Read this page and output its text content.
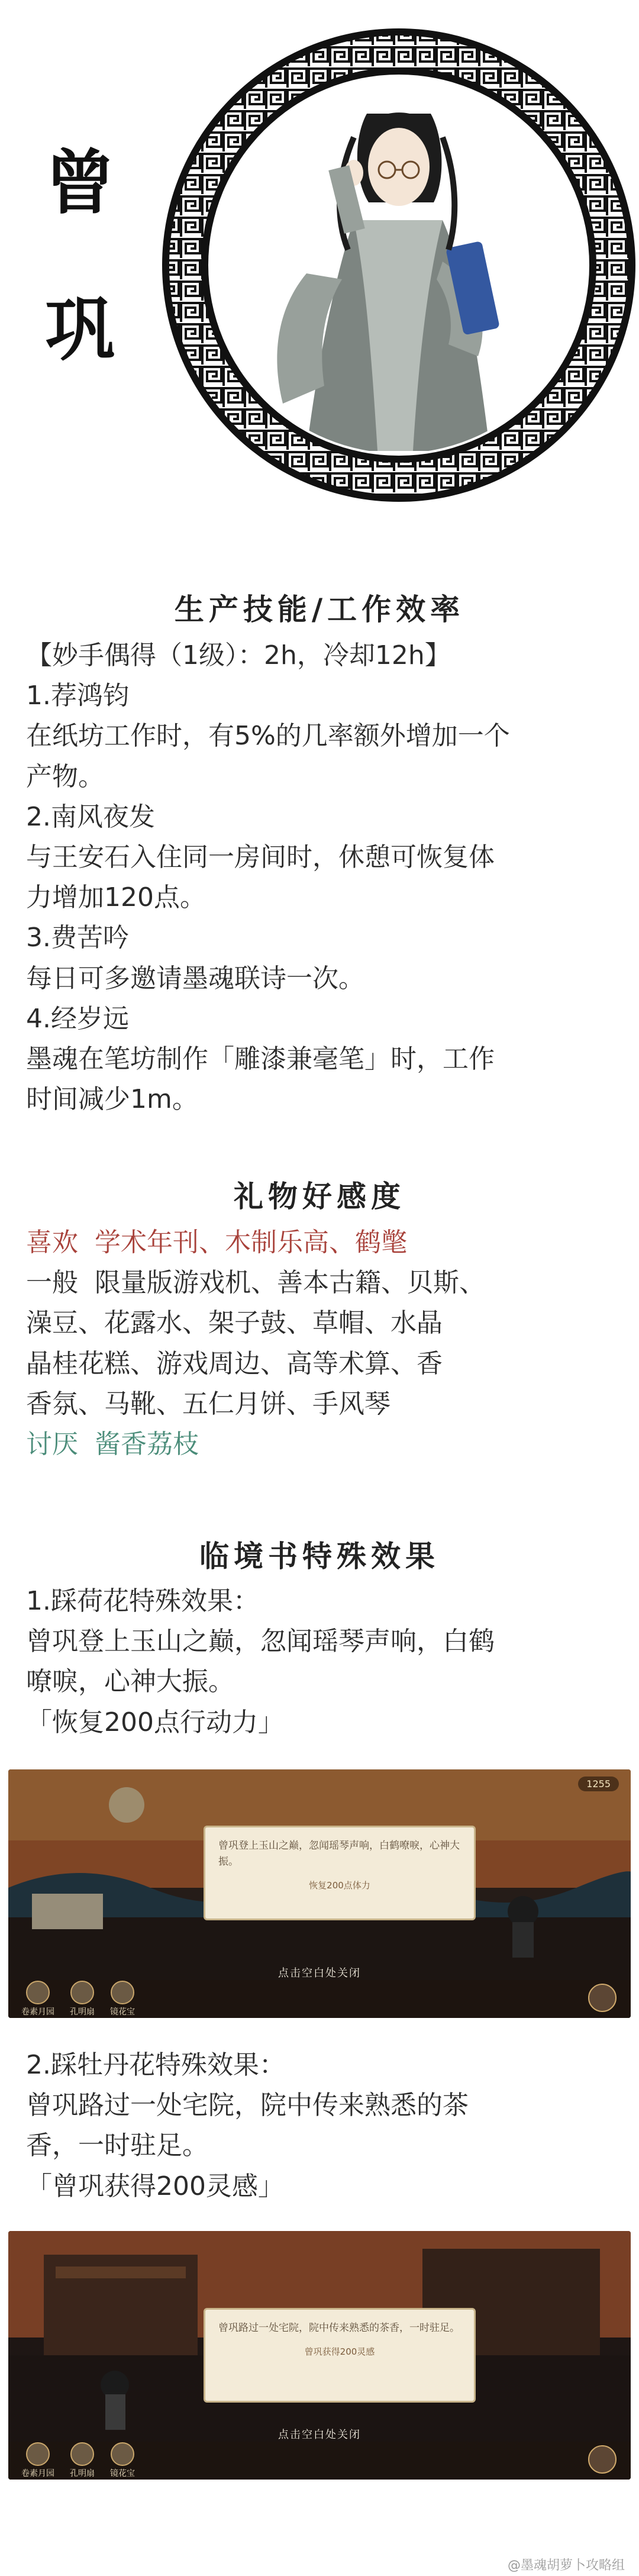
曾
巩
生产技能/工作效率
【妙手偶得（1级）：2h，冷却12h】
1.荐鸿钧
在纸坊工作时，有5%的几率额外增加一个
产物。
2.南风夜发
与王安石入住同一房间时，休憩可恢复体
力增加120点。
3.费苦吟
每日可多邀请墨魂联诗一次。
4.经岁远
墨魂在笔坊制作「雕漆兼毫笔」时，工作
时间减少1m。
礼物好感度
喜欢 学术年刊、木制乐高、鹤氅
一般 限量版游戏机、善本古籍、贝斯、
澡豆、花露水、架子鼓、草帽、水晶
晶桂花糕、游戏周边、高等术算、香
香氛、马靴、五仁月饼、手风琴
讨厌 酱香荔枝
临境书特殊效果
1.踩荷花特殊效果：
曾巩登上玉山之巅，忽闻瑶琴声响，白鹤
嘹唳，心神大振。
「恢复200点行动力」
1255
曾巩登上玉山之巅，忽闻瑶琴声响，白鹤嘹唳，心神大振。
恢复200点体力
点击空白处关闭
卷素月园 孔明扇 镜花宝
2.踩牡丹花特殊效果：
曾巩路过一处宅院，院中传来熟悉的茶
香，一时驻足。
「曾巩获得200灵感」
曾巩路过一处宅院，院中传来熟悉的茶香，一时驻足。
曾巩获得200灵感
点击空白处关闭
卷素月园 孔明扇 镜花宝
@墨魂胡萝卜攻略组
